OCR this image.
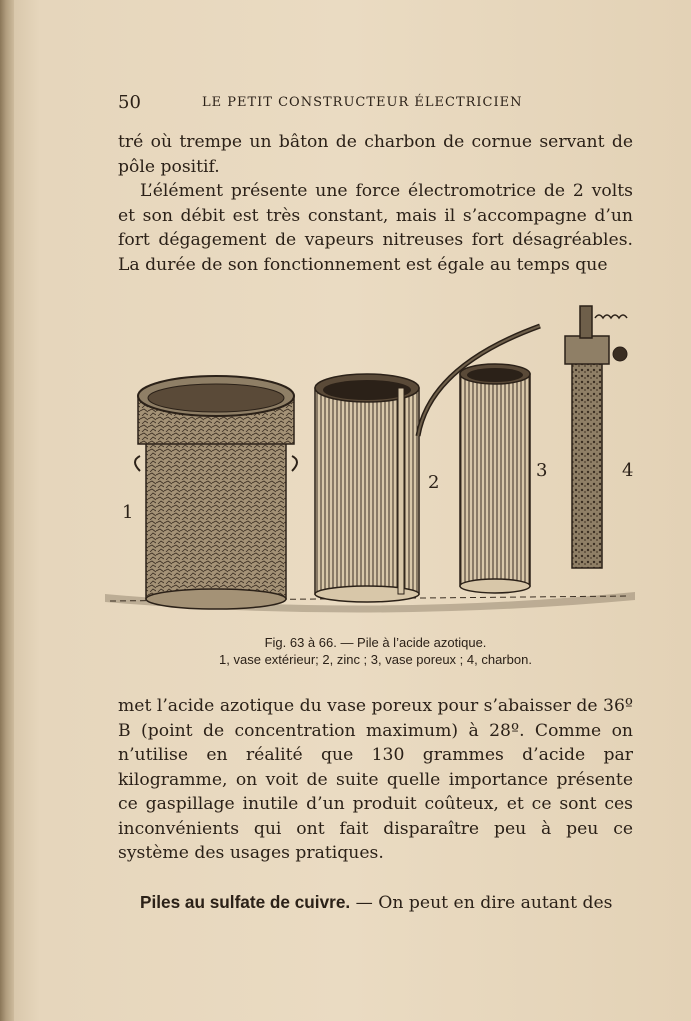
50	LE PETIT CONSTRUCTEUR ÉLECTRICIEN

tré où trempe un bâton de charbon de cornue servant de pôle positif.

L’élément présente une force électromotrice de 2 volts et son débit est très constant, mais il s’accompagne d’un fort dégagement de vapeurs nitreuses fort désagréables. La durée de son fonctionnement est égale au temps que

1
2
3	4
Fig. 63 à 66. — Pile à l’acide azotique.
1, vase extérieur; 2, zinc ; 3, vase poreux ; 4, charbon.

met l’acide azotique du vase poreux pour s’abaisser de 36º B (point de concentration maximum) à 28º. Comme on n’utilise en réalité que 130 grammes d’acide par kilogramme, on voit de suite quelle importance présente ce gaspillage inutile d’un produit coûteux, et ce sont ces inconvénients qui ont fait disparaître peu à peu ce système des usages pratiques.

Piles au sulfate de cuivre. — On peut en dire autant des
